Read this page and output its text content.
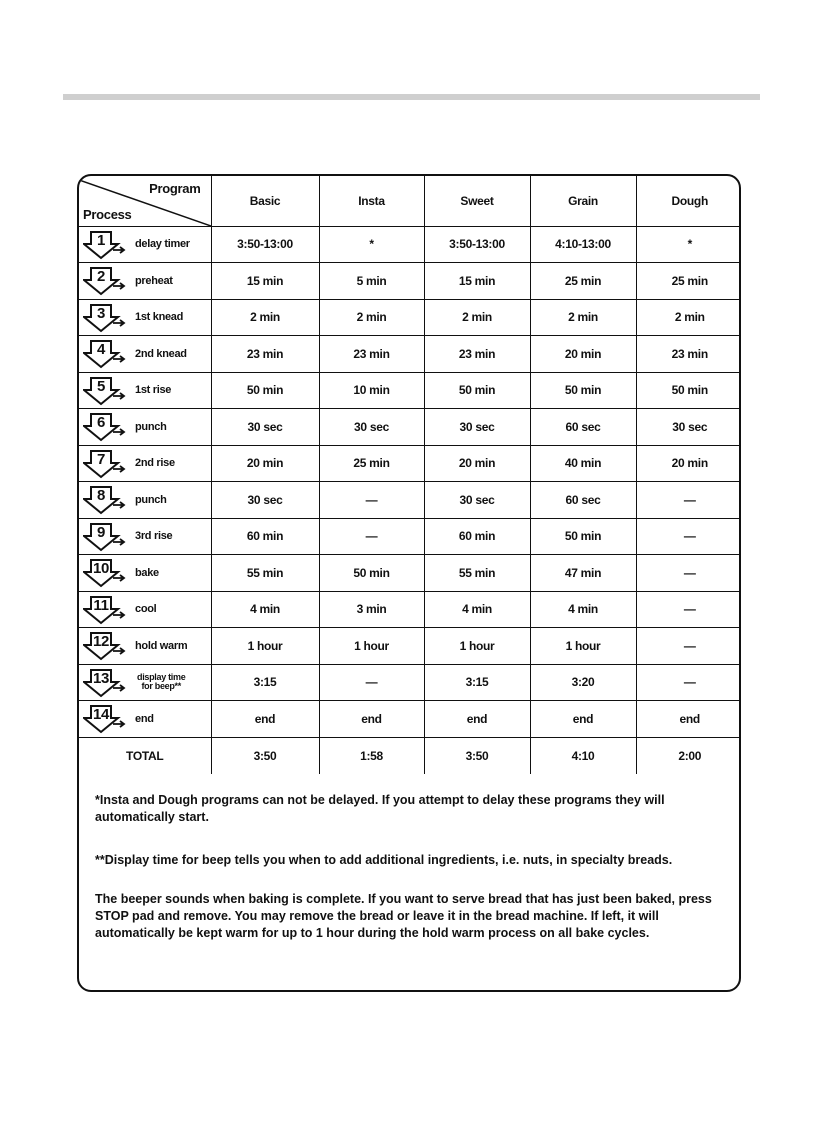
Program
Process	Basic	Insta	Sweet	Grain	Dough

1 delay timer	3:50-13:00	*	3:50-13:00	4:10-13:00	*

2 preheat	15 min	5 min	15 min	25 min	25 min

3 1st knead	2 min	2 min	2 min	2 min	2 min

4 2nd knead	23 min	23 min	23 min	20 min	23 min

5 1st rise	50 min	10 min	50 min	50 min	50 min

6 punch	30 sec	30 sec	30 sec	60 sec	30 sec

7 2nd rise	20 min	25 min	20 min	40 min	20 min

8 punch	30 sec	—	30 sec	60 sec	—

9 3rd rise	60 min	—	60 min	50 min	—

10 bake	55 min	50 min	55 min	47 min	—

11 cool	4 min	3 min	4 min	4 min	—

12 hold warm	1 hour	1 hour	1 hour	1 hour	—

13 display time
for beep**	3:15	—	3:15	3:20	—

14 end	end	end	end	end	end
TOTAL	3:50	1:58	3:50	4:10	2:00

*Insta and Dough programs can not be delayed. If you attempt to delay these programs they will automatically start.

**Display time for beep tells you when to add additional ingredients, i.e. nuts, in specialty breads.

The beeper sounds when baking is complete. If you want to serve bread that has just been baked, press STOP pad and remove. You may remove the bread or leave it in the bread machine. If left, it will automatically be kept warm for up to 1 hour during the hold warm process on all bake cycles.
